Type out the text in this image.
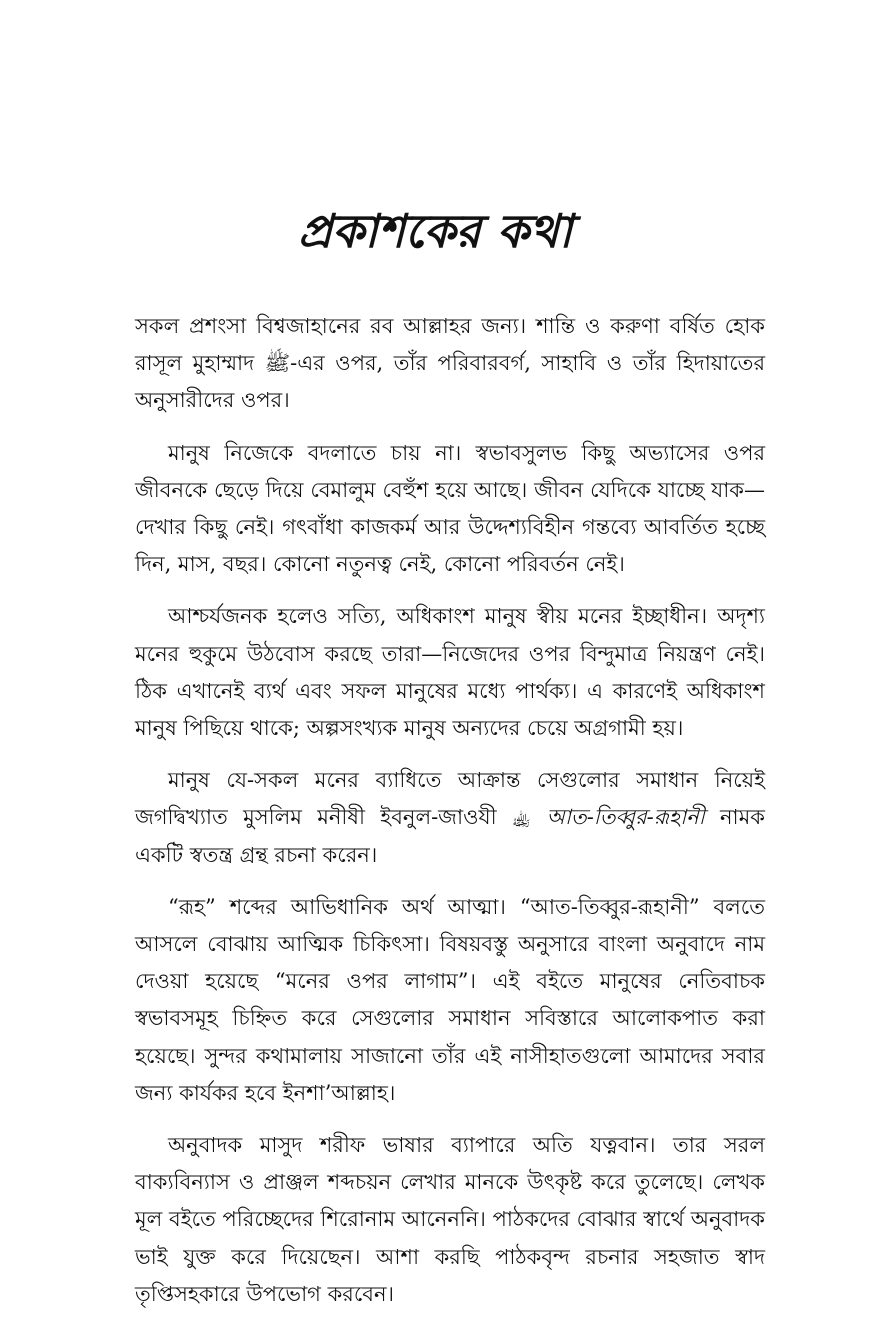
প্রকাশকের কথা

সকল প্রশংসা বিশ্বজাহানের রব আল্লাহর জন্য। শান্তি ও করুণা বর্ষিত হোক রাসূল মুহাম্মাদ ﷺ-এর ওপর, তাঁর পরিবারবর্গ, সাহাবি ও তাঁর হিদায়াতের অনুসারীদের ওপর।

মানুষ নিজেকে বদলাতে চায় না। স্বভাবসুলভ কিছু অভ্যাসের ওপর জীবনকে ছেড়ে দিয়ে বেমালুম বেহুঁশ হয়ে আছে। জীবন যেদিকে যাচ্ছে যাক—দেখার কিছু নেই। গৎবাঁধা কাজকর্ম আর উদ্দেশ্যবিহীন গন্তব্যে আবর্তিত হচ্ছে দিন, মাস, বছর। কোনো নতুনত্ব নেই, কোনো পরিবর্তন নেই।

আশ্চর্যজনক হলেও সত্যি, অধিকাংশ মানুষ স্বীয় মনের ইচ্ছাধীন। অদৃশ্য মনের হুকুমে উঠবোস করছে তারা—নিজেদের ওপর বিন্দুমাত্র নিয়ন্ত্রণ নেই। ঠিক এখানেই ব্যর্থ এবং সফল মানুষের মধ্যে পার্থক্য। এ কারণেই অধিকাংশ মানুষ পিছিয়ে থাকে; অল্পসংখ্যক মানুষ অন্যদের চেয়ে অগ্রগামী হয়।

মানুষ যে-সকল মনের ব্যাধিতে আক্রান্ত সেগুলোর সমাধান নিয়েই জগদ্বিখ্যাত মুসলিম মনীষী ইবনুল-জাওযী ﵀ আত-তিব্বুর-রূহানী নামক একটি স্বতন্ত্র গ্রন্থ রচনা করেন।

“রূহ” শব্দের আভিধানিক অর্থ আত্মা। “আত-তিব্বুর-রূহানী” বলতে আসলে বোঝায় আত্মিক চিকিৎসা। বিষয়বস্তু অনুসারে বাংলা অনুবাদে নাম দেওয়া হয়েছে “মনের ওপর লাগাম”। এই বইতে মানুষের নেতিবাচক স্বভাবসমূহ চিহ্নিত করে সেগুলোর সমাধান সবিস্তারে আলোকপাত করা হয়েছে। সুন্দর কথামালায় সাজানো তাঁর এই নাসীহাতগুলো আমাদের সবার জন্য কার্যকর হবে ইনশা’আল্লাহ।

অনুবাদক মাসুদ শরীফ ভাষার ব্যাপারে অতি যত্নবান। তার সরল বাক্যবিন্যাস ও প্রাঞ্জল শব্দচয়ন লেখার মানকে উৎকৃষ্ট করে তুলেছে। লেখক মূল বইতে পরিচ্ছেদের শিরোনাম আনেননি। পাঠকদের বোঝার স্বার্থে অনুবাদক ভাই যুক্ত করে দিয়েছেন। আশা করছি পাঠকবৃন্দ রচনার সহজাত স্বাদ তৃপ্তিসহকারে উপভোগ করবেন।
